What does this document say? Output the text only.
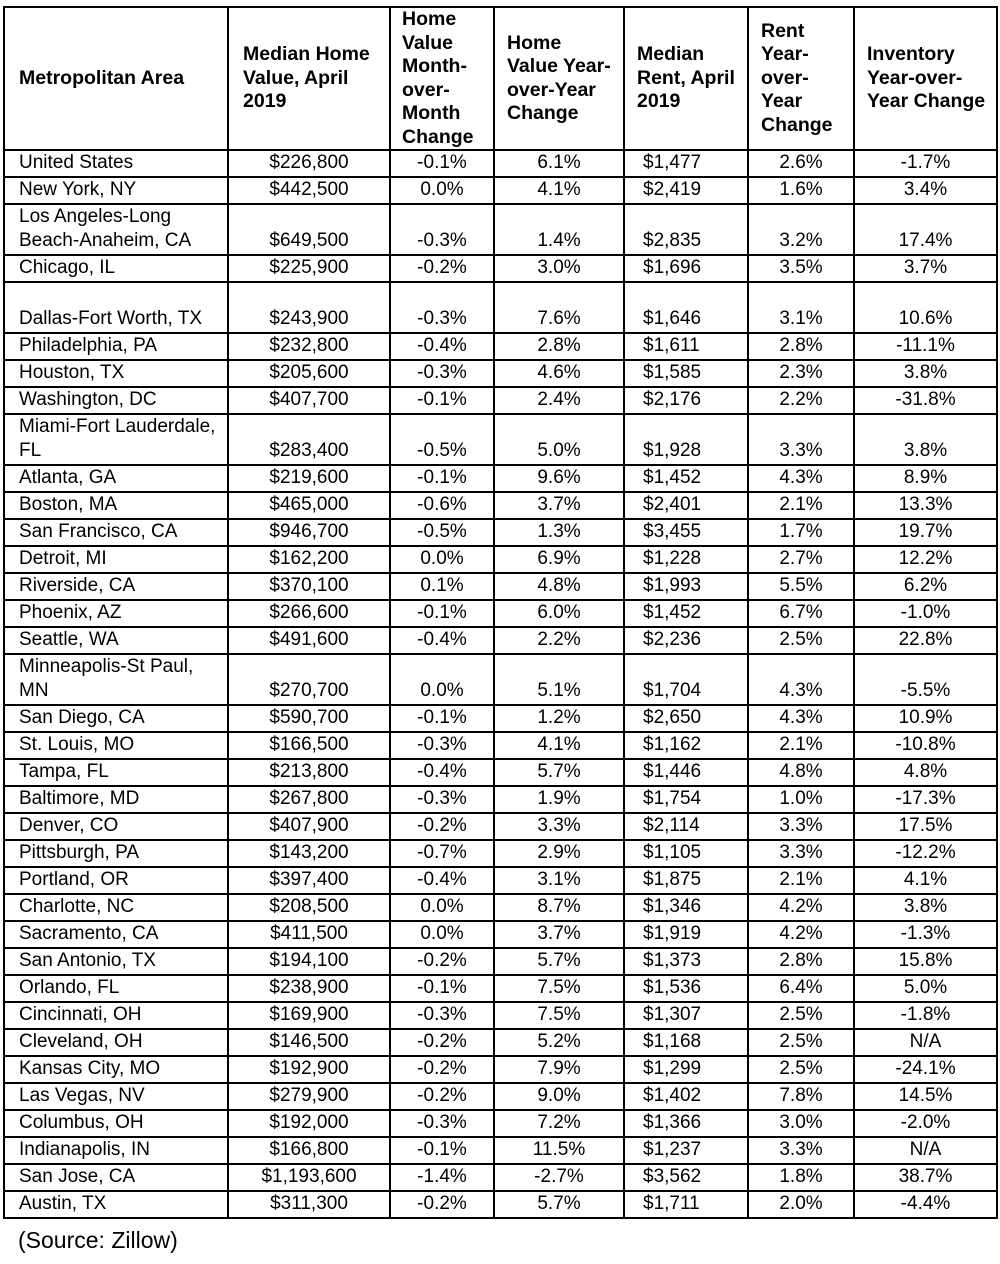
Metropolitan Area	Median Home Value, April 2019	Home Value Month-over-Month Change	Home Value Year-over-Year Change	Median Rent, April 2019	Rent Year-over-Year Change	Inventory Year-over-Year Change
United States	$226,800	-0.1%	6.1%	$1,477	2.6%	-1.7%
New York, NY	$442,500	0.0%	4.1%	$2,419	1.6%	3.4%
Los Angeles-Long Beach-Anaheim, CA	$649,500	-0.3%	1.4%	$2,835	3.2%	17.4%
Chicago, IL	$225,900	-0.2%	3.0%	$1,696	3.5%	3.7%
Dallas-Fort Worth, TX	$243,900	-0.3%	7.6%	$1,646	3.1%	10.6%
Philadelphia, PA	$232,800	-0.4%	2.8%	$1,611	2.8%	-11.1%
Houston, TX	$205,600	-0.3%	4.6%	$1,585	2.3%	3.8%
Washington, DC	$407,700	-0.1%	2.4%	$2,176	2.2%	-31.8%
Miami-Fort Lauderdale, FL	$283,400	-0.5%	5.0%	$1,928	3.3%	3.8%
Atlanta, GA	$219,600	-0.1%	9.6%	$1,452	4.3%	8.9%
Boston, MA	$465,000	-0.6%	3.7%	$2,401	2.1%	13.3%
San Francisco, CA	$946,700	-0.5%	1.3%	$3,455	1.7%	19.7%
Detroit, MI	$162,200	0.0%	6.9%	$1,228	2.7%	12.2%
Riverside, CA	$370,100	0.1%	4.8%	$1,993	5.5%	6.2%
Phoenix, AZ	$266,600	-0.1%	6.0%	$1,452	6.7%	-1.0%
Seattle, WA	$491,600	-0.4%	2.2%	$2,236	2.5%	22.8%
Minneapolis-St Paul, MN	$270,700	0.0%	5.1%	$1,704	4.3%	-5.5%
San Diego, CA	$590,700	-0.1%	1.2%	$2,650	4.3%	10.9%
St. Louis, MO	$166,500	-0.3%	4.1%	$1,162	2.1%	-10.8%
Tampa, FL	$213,800	-0.4%	5.7%	$1,446	4.8%	4.8%
Baltimore, MD	$267,800	-0.3%	1.9%	$1,754	1.0%	-17.3%
Denver, CO	$407,900	-0.2%	3.3%	$2,114	3.3%	17.5%
Pittsburgh, PA	$143,200	-0.7%	2.9%	$1,105	3.3%	-12.2%
Portland, OR	$397,400	-0.4%	3.1%	$1,875	2.1%	4.1%
Charlotte, NC	$208,500	0.0%	8.7%	$1,346	4.2%	3.8%
Sacramento, CA	$411,500	0.0%	3.7%	$1,919	4.2%	-1.3%
San Antonio, TX	$194,100	-0.2%	5.7%	$1,373	2.8%	15.8%
Orlando, FL	$238,900	-0.1%	7.5%	$1,536	6.4%	5.0%
Cincinnati, OH	$169,900	-0.3%	7.5%	$1,307	2.5%	-1.8%
Cleveland, OH	$146,500	-0.2%	5.2%	$1,168	2.5%	N/A
Kansas City, MO	$192,900	-0.2%	7.9%	$1,299	2.5%	-24.1%
Las Vegas, NV	$279,900	-0.2%	9.0%	$1,402	7.8%	14.5%
Columbus, OH	$192,000	-0.3%	7.2%	$1,366	3.0%	-2.0%
Indianapolis, IN	$166,800	-0.1%	11.5%	$1,237	3.3%	N/A
San Jose, CA	$1,193,600	-1.4%	-2.7%	$3,562	1.8%	38.7%
Austin, TX	$311,300	-0.2%	5.7%	$1,711	2.0%	-4.4%
(Source: Zillow)
